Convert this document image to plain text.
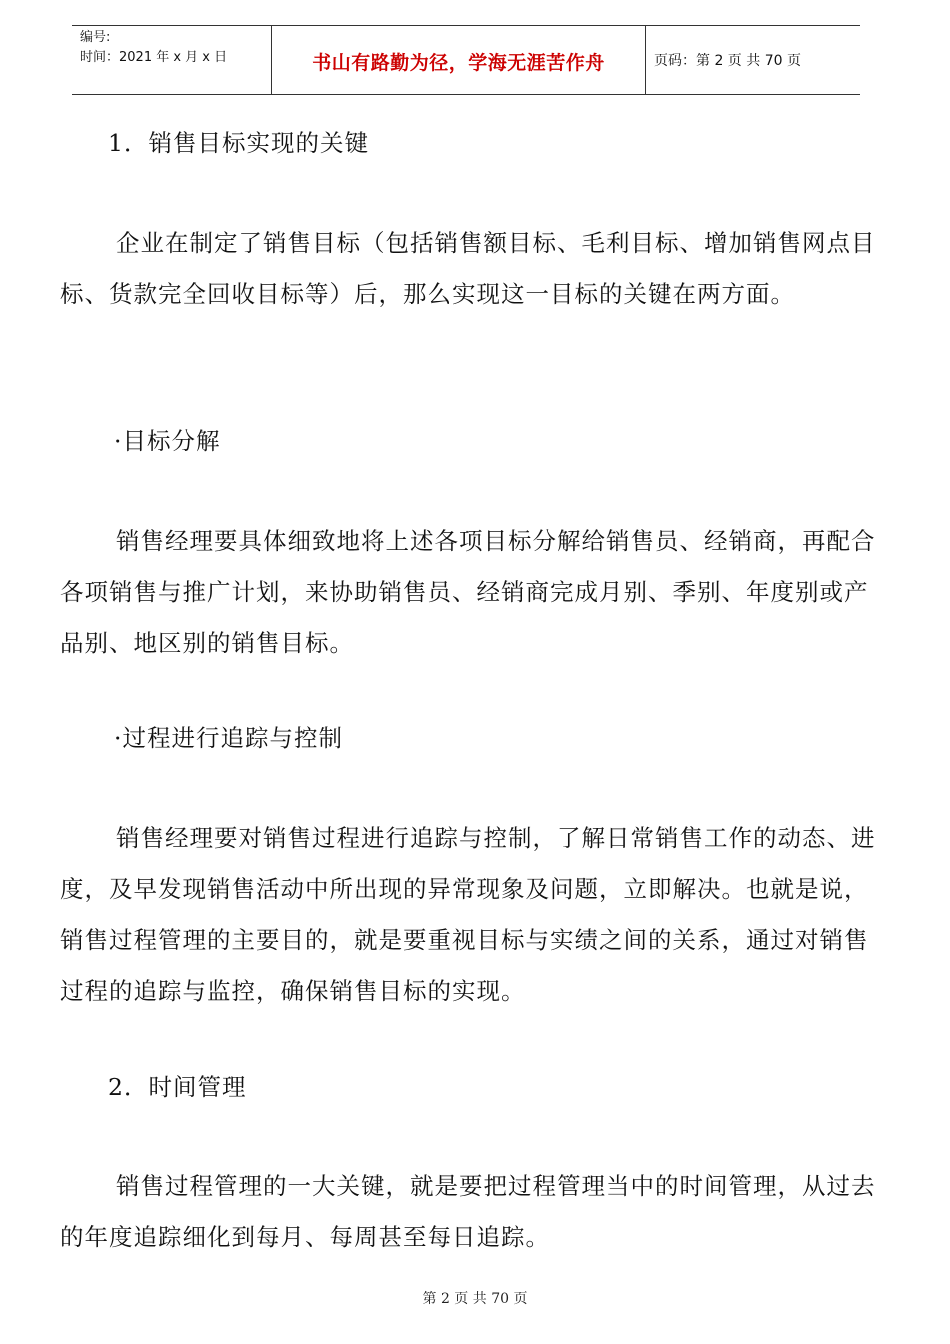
编号:
时间：2021 年 x 月 x 日	书山有路勤为径，学海无涯苦作舟	页码：第 2 页 共 70 页
1．销售目标实现的关键
企业在制定了销售目标（包括销售额目标、毛利目标、增加销售网点目标、货款完全回收目标等）后，那么实现这一目标的关键在两方面。
·目标分解
销售经理要具体细致地将上述各项目标分解给销售员、经销商，再配合各项销售与推广计划，来协助销售员、经销商完成月别、季别、年度别或产品别、地区别的销售目标。
·过程进行追踪与控制
销售经理要对销售过程进行追踪与控制，了解日常销售工作的动态、进度，及早发现销售活动中所出现的异常现象及问题，立即解决。也就是说，销售过程管理的主要目的，就是要重视目标与实绩之间的关系，通过对销售过程的追踪与监控，确保销售目标的实现。
2．时间管理
销售过程管理的一大关键，就是要把过程管理当中的时间管理，从过去的年度追踪细化到每月、每周甚至每日追踪。
第 2 页 共 70 页
